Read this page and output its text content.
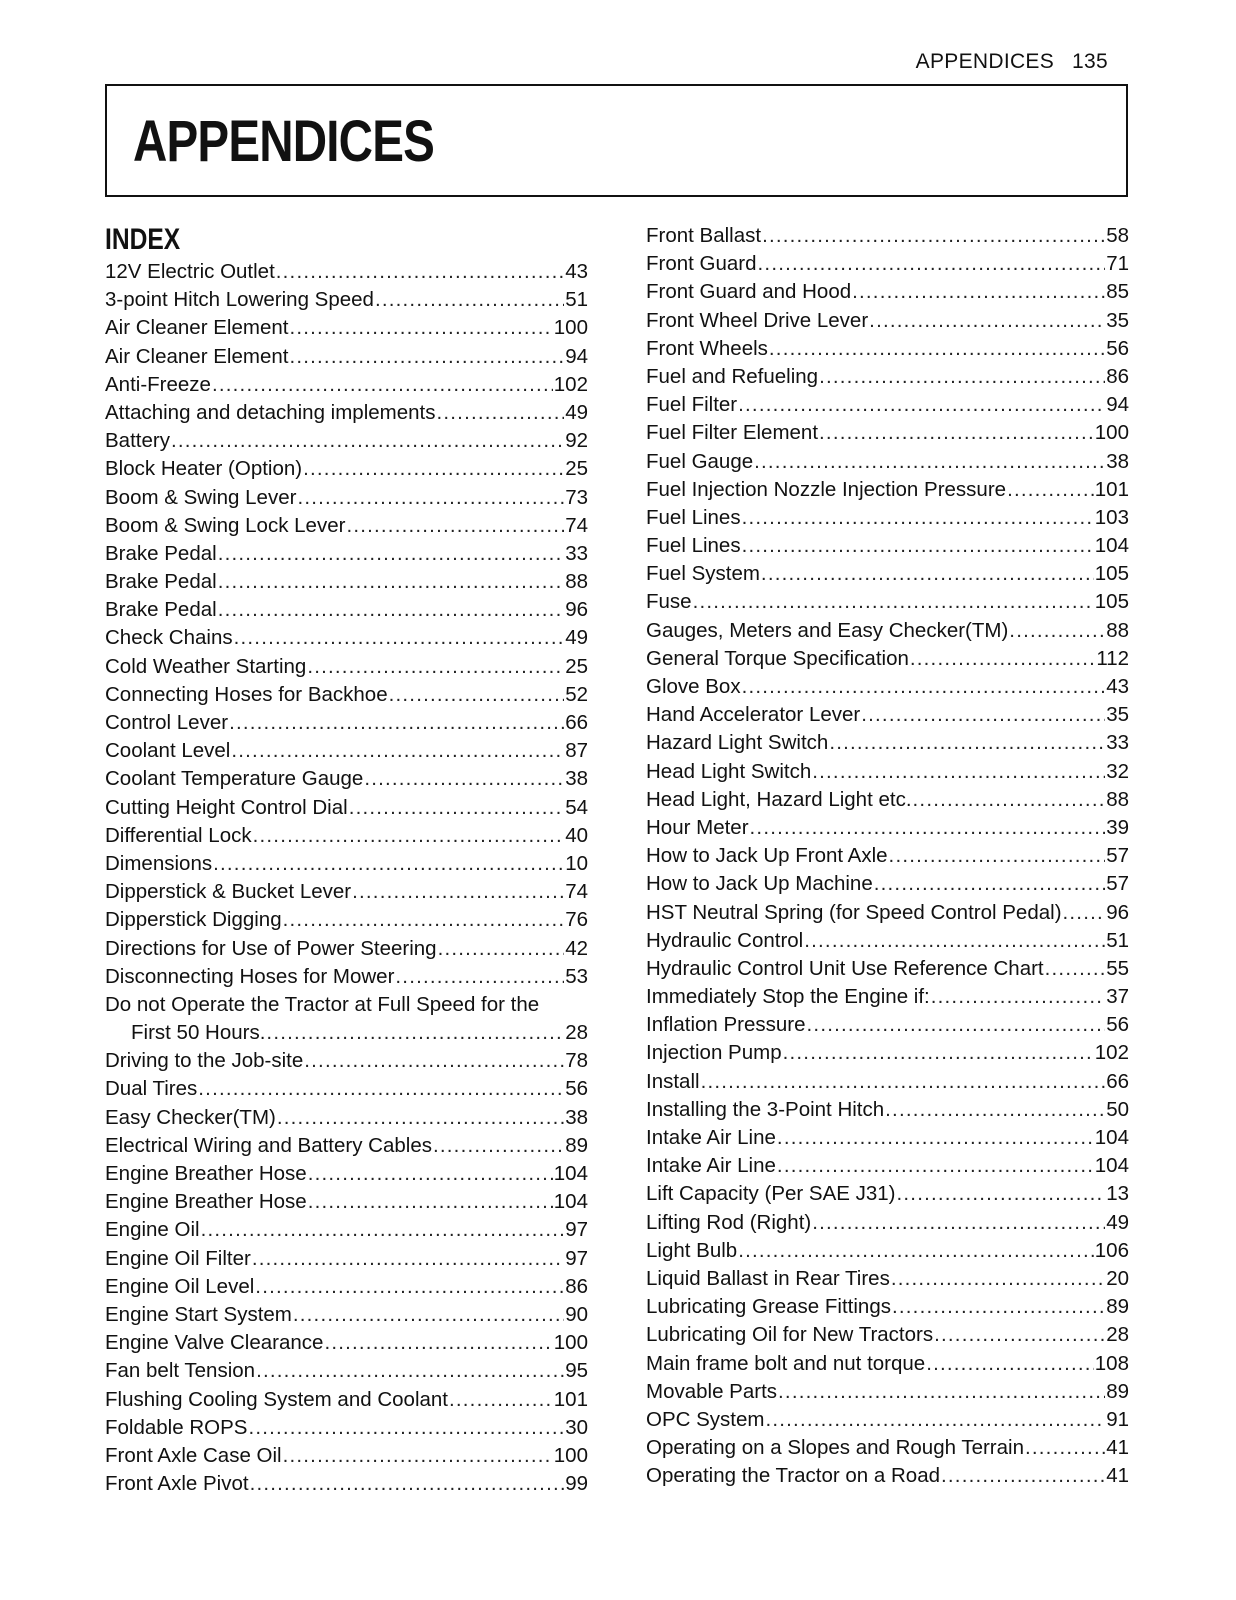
APPENDICES 135
APPENDICES
INDEX
12V Electric Outlet .....	43
3-point Hitch Lowering Speed .....	51
Air Cleaner Element .....	100
Air Cleaner Element .....	94
Anti-Freeze .....	102
Attaching and detaching implements .....	49
Battery .....	92
Block Heater (Option) .....	25
Boom & Swing Lever .....	73
Boom & Swing Lock Lever .....	74
Brake Pedal .....	33
Brake Pedal .....	88
Brake Pedal .....	96
Check Chains .....	49
Cold Weather Starting .....	25
Connecting Hoses for Backhoe .....	52
Control Lever .....	66
Coolant Level .....	87
Coolant Temperature Gauge .....	38
Cutting Height Control Dial .....	54
Differential Lock .....	40
Dimensions .....	10
Dipperstick & Bucket Lever .....	74
Dipperstick Digging .....	76
Directions for Use of Power Steering .....	42
Disconnecting Hoses for Mower .....	53
Do not Operate the Tractor at Full Speed for the
First 50 Hours. .....	28
Driving to the Job-site .....	78
Dual Tires .....	56
Easy Checker(TM) .....	38
Electrical Wiring and Battery Cables .....	89
Engine Breather Hose .....	104
Engine Breather Hose .....	104
Engine Oil .....	97
Engine Oil Filter .....	97
Engine Oil Level .....	86
Engine Start System .....	90
Engine Valve Clearance .....	100
Fan belt Tension .....	95
Flushing Cooling System and Coolant .....	101
Foldable ROPS .....	30
Front Axle Case Oil .....	100
Front Axle Pivot .....	99
Front Ballast .....	58
Front Guard .....	71
Front Guard and Hood .....	85
Front Wheel Drive Lever .....	35
Front Wheels .....	56
Fuel and Refueling .....	86
Fuel Filter .....	94
Fuel Filter Element .....	100
Fuel Gauge .....	38
Fuel Injection Nozzle Injection Pressure .....	101
Fuel Lines .....	103
Fuel Lines .....	104
Fuel System .....	105
Fuse .....	105
Gauges, Meters and Easy Checker(TM) .....	88
General Torque Specification .....	112
Glove Box .....	43
Hand Accelerator Lever .....	35
Hazard Light Switch .....	33
Head Light Switch .....	32
Head Light, Hazard Light etc. .....	88
Hour Meter .....	39
How to Jack Up Front Axle .....	57
How to Jack Up Machine .....	57
HST Neutral Spring (for Speed Control Pedal) ..... 96
Hydraulic Control .....	51
Hydraulic Control Unit Use Reference Chart .....	55
Immediately Stop the Engine if: .....	37
Inflation Pressure .....	56
Injection Pump .....	102
Install .....	66
Installing the 3-Point Hitch .....	50
Intake Air Line .....	104
Intake Air Line .....	104
Lift Capacity (Per SAE J31) .....	13
Lifting Rod (Right) .....	49
Light Bulb .....	106
Liquid Ballast in Rear Tires .....	20
Lubricating Grease Fittings .....	89
Lubricating Oil for New Tractors .....	28
Main frame bolt and nut torque .....	108
Movable Parts .....	89
OPC System .....	91
Operating on a Slopes and Rough Terrain .....	41
Operating the Tractor on a Road .....	41
